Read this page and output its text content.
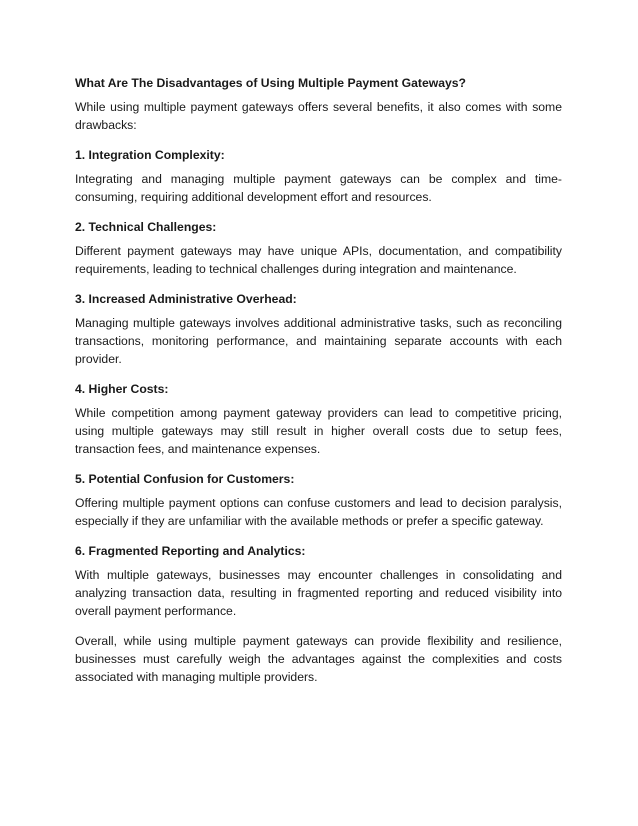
What Are The Disadvantages of Using Multiple Payment Gateways?

While using multiple payment gateways offers several benefits, it also comes with some drawbacks:

1. Integration Complexity:

Integrating and managing multiple payment gateways can be complex and time-consuming, requiring additional development effort and resources.

2. Technical Challenges:

Different payment gateways may have unique APIs, documentation, and compatibility requirements, leading to technical challenges during integration and maintenance.

3. Increased Administrative Overhead:

Managing multiple gateways involves additional administrative tasks, such as reconciling transactions, monitoring performance, and maintaining separate accounts with each provider.

4. Higher Costs:

While competition among payment gateway providers can lead to competitive pricing, using multiple gateways may still result in higher overall costs due to setup fees, transaction fees, and maintenance expenses.

5. Potential Confusion for Customers:

Offering multiple payment options can confuse customers and lead to decision paralysis, especially if they are unfamiliar with the available methods or prefer a specific gateway.

6. Fragmented Reporting and Analytics:

With multiple gateways, businesses may encounter challenges in consolidating and analyzing transaction data, resulting in fragmented reporting and reduced visibility into overall payment performance.

Overall, while using multiple payment gateways can provide flexibility and resilience, businesses must carefully weigh the advantages against the complexities and costs associated with managing multiple providers.
